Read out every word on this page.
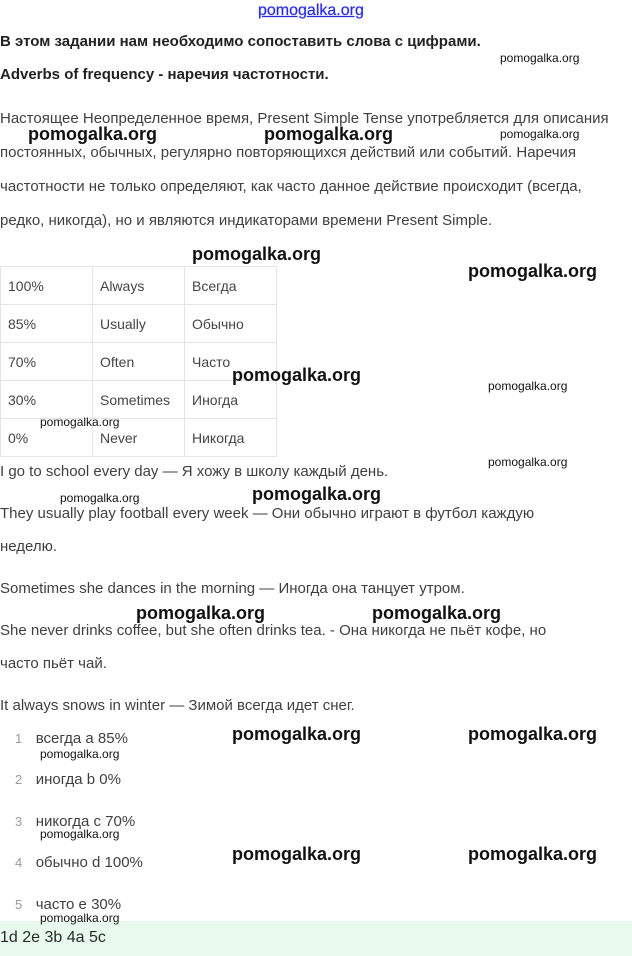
pomogalka.org
В этом задании нам необходимо сопоставить слова с цифрами.
Adverbs of frequency - наречия частотности.

Настоящее Неопределенное время, Present Simple Tense употребляется для описания постоянных, обычных, регулярно повторяющихся действий или событий. Наречия частотности не только определяют, как часто данное действие происходит (всегда, редко, никогда), но и являются индикаторами времени Present Simple.

100%	Always	Всегда
85%	Usually	Обычно
70%	Often	Часто
30%	Sometimes	Иногда
0%	Never	Никогда
I go to school every day — Я хожу в школу каждый день.
They usually play football every week — Они обычно играют в футбол каждую
неделю.
Sometimes she dances in the morning — Иногда она танцует утром.
She never drinks coffee, but she often drinks tea. - Она никогда не пьёт кофе, но
часто пьёт чай.
It always snows in winter — Зимой всегда идет снег.
1 всегда a 85%
2 иногда b 0%
3 никогда c 70%
4 обычно d 100%
5 часто e 30%
1d 2e 3b 4a 5c
pomogalka.org
pomogalka.org	pomogalka.org	pomogalka.org
pomogalka.org
pomogalka.org
pomogalka.org
pomogalka.org
pomogalka.org
pomogalka.org
pomogalka.org
pomogalka.org
pomogalka.org	pomogalka.org
pomogalka.org	pomogalka.org
pomogalka.org
pomogalka.org
pomogalka.org	pomogalka.org
pomogalka.org
